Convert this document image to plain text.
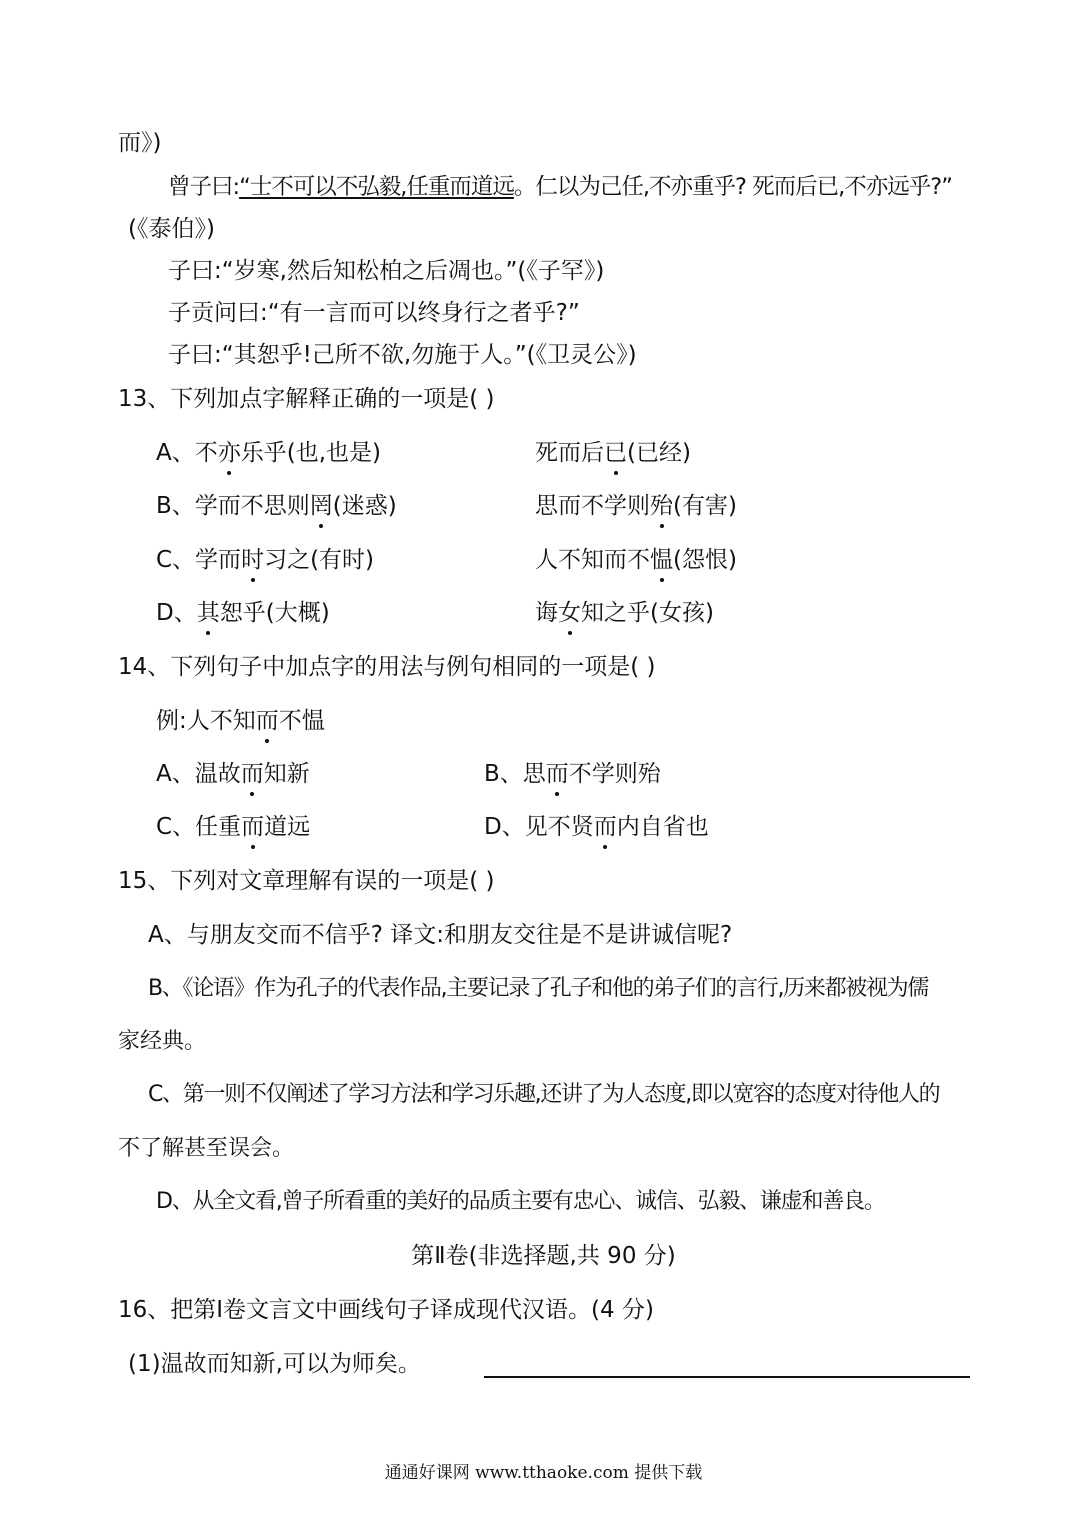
而》)
曾子曰:“士不可以不弘毅,任重而道远。仁以为己任,不亦重乎? 死而后已,不亦远乎?”
(《泰伯》)
子曰:“岁寒,然后知松柏之后凋也。”(《子罕》)
子贡问曰:“有一言而可以终身行之者乎?”
子曰:“其恕乎!己所不欲,勿施于人。”(《卫灵公》)
13、下列加点字解释正确的一项是( )
A、不亦乐乎(也,也是)	死而后已(已经)
B、学而不思则罔(迷惑)	思而不学则殆(有害)
C、学而时习之(有时)	人不知而不愠(怨恨)
D、其恕乎(大概)	诲女知之乎(女孩)
14、下列句子中加点字的用法与例句相同的一项是( )
例:人不知而不愠
A、温故而知新	B、思而不学则殆
C、任重而道远	D、见不贤而内自省也
15、下列对文章理解有误的一项是( )
A、与朋友交而不信乎? 译文:和朋友交往是不是讲诚信呢?
B、《论语》作为孔子的代表作品,主要记录了孔子和他的弟子们的言行,历来都被视为儒
家经典。
C、第一则不仅阐述了学习方法和学习乐趣,还讲了为人态度,即以宽容的态度对待他人的
不了解甚至误会。
D、从全文看,曾子所看重的美好的品质主要有忠心、诚信、弘毅、谦虚和善良。
第Ⅱ卷(非选择题,共 90 分)
16、把第Ⅰ卷文言文中画线句子译成现代汉语。(4 分)
(1)温故而知新,可以为师矣。
通通好课网 www.tthaoke.com 提供下载
